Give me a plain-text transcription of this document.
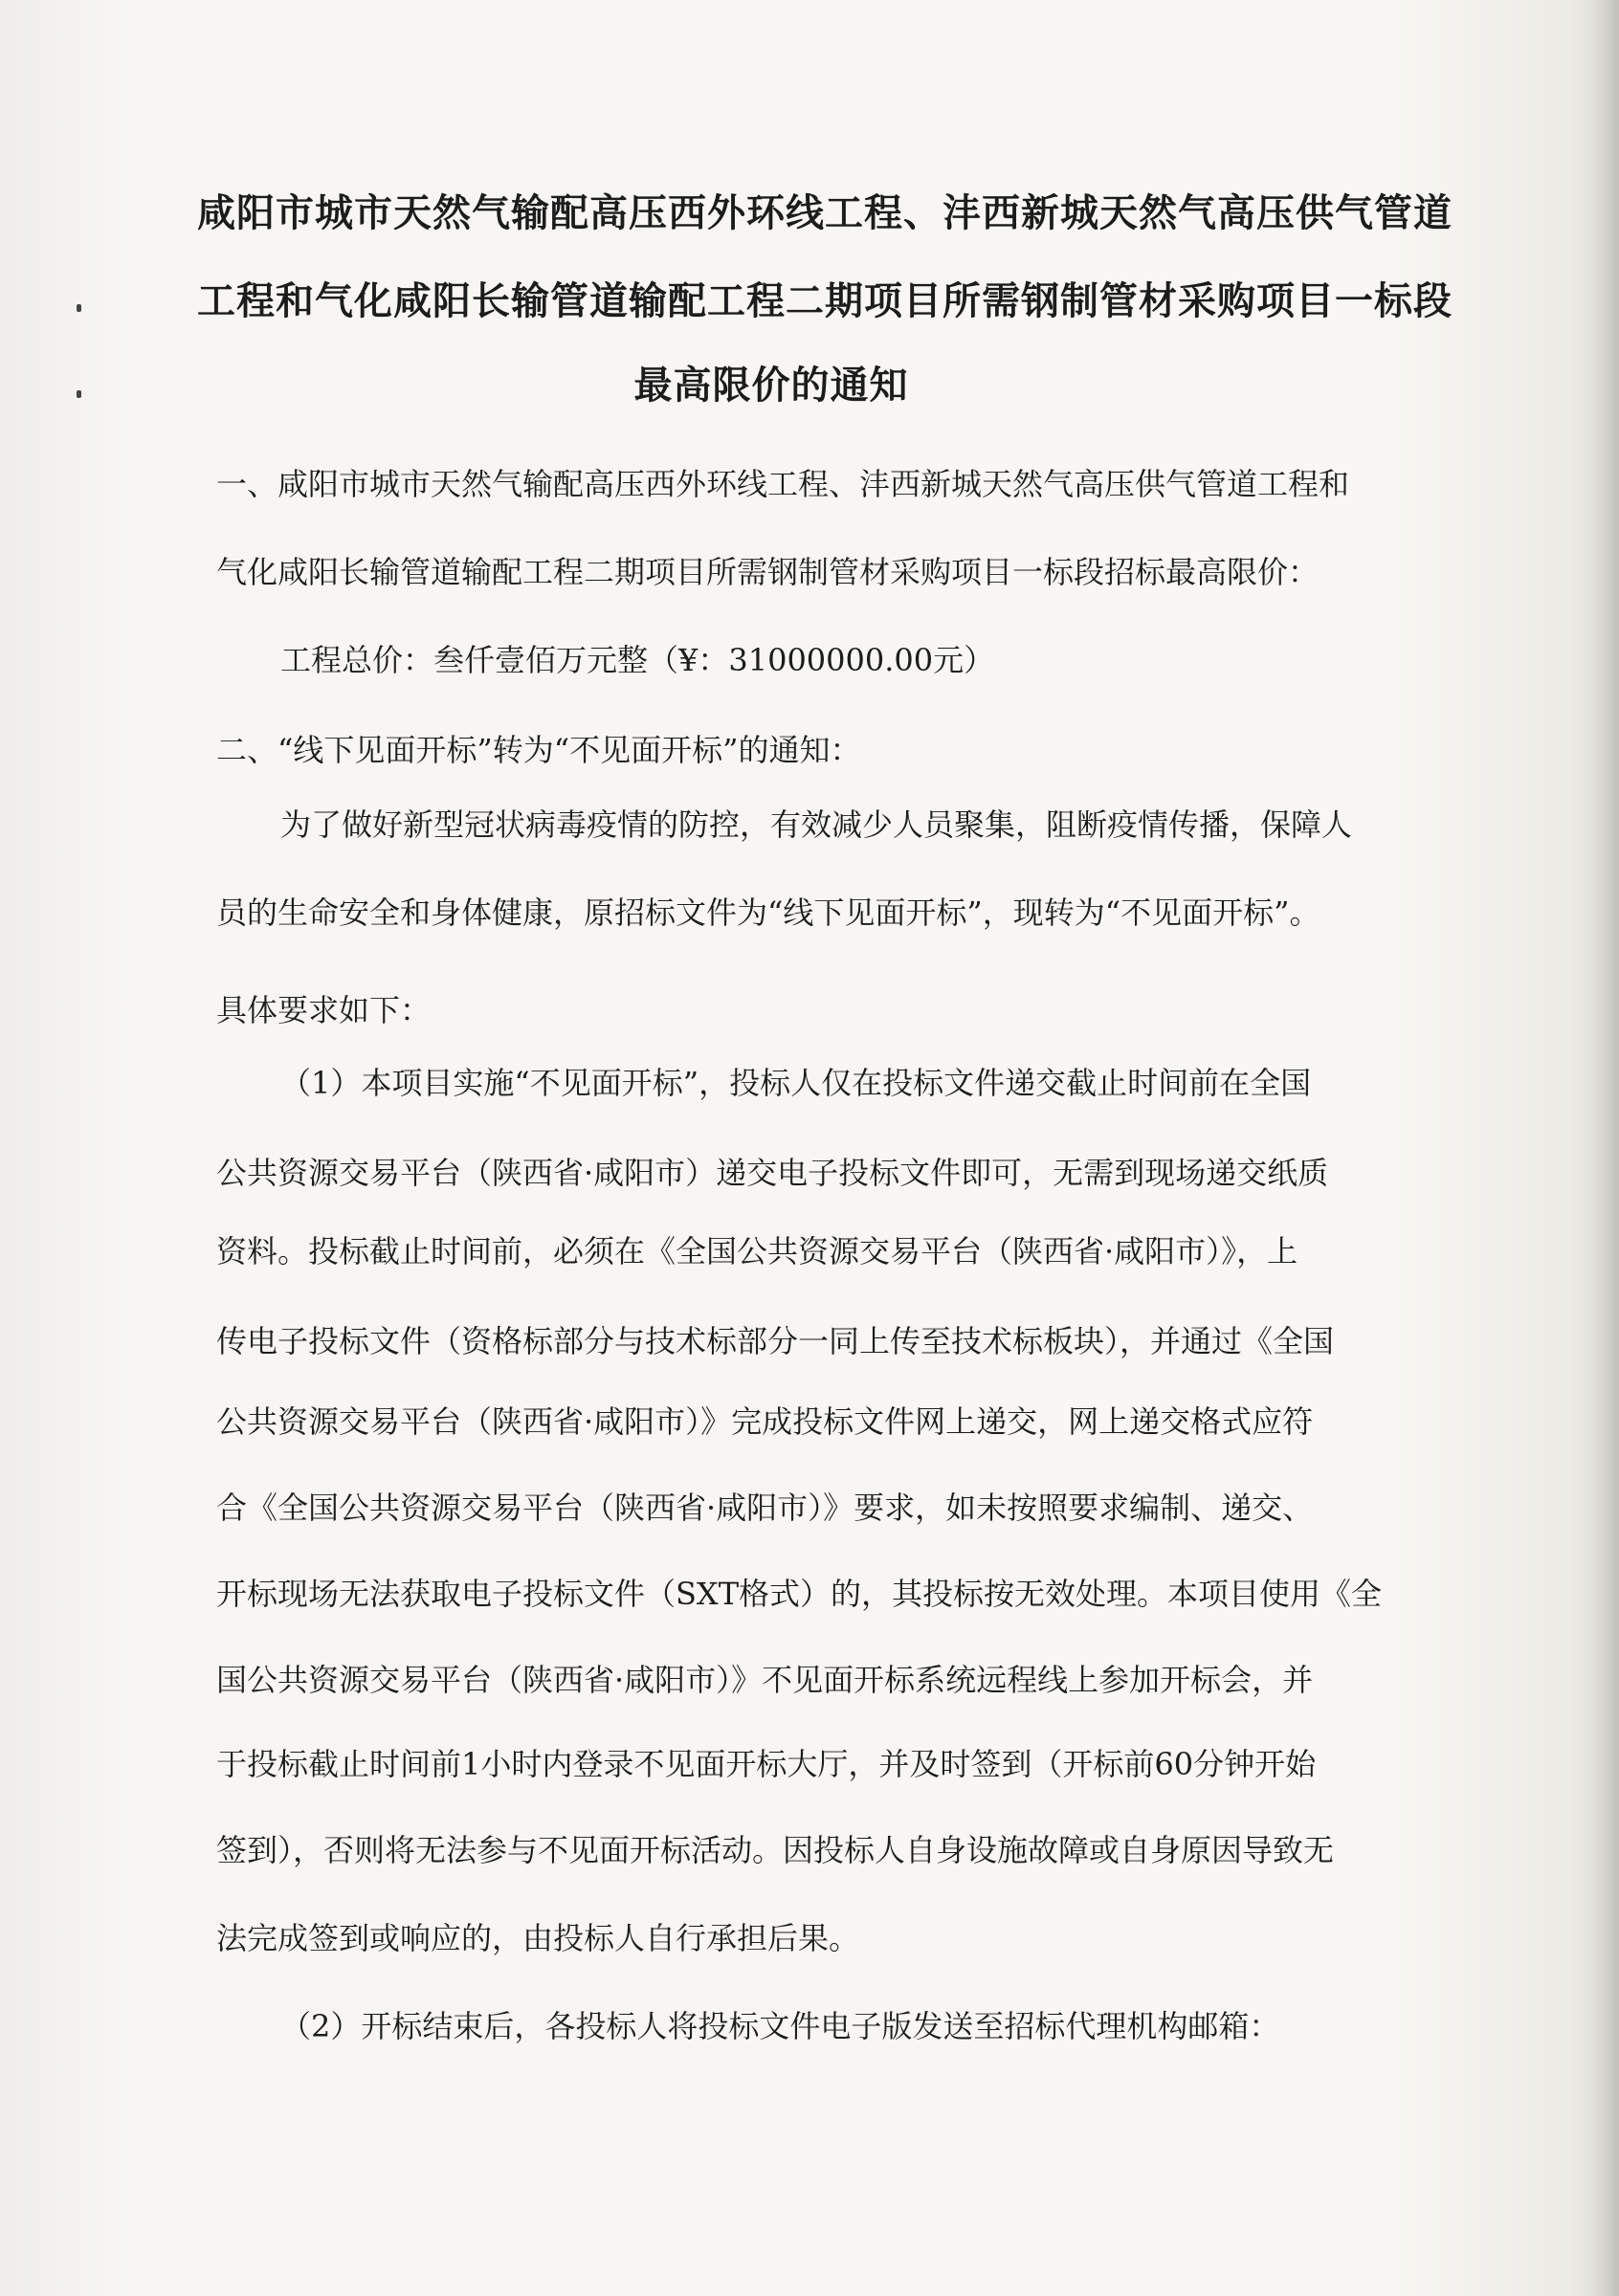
咸阳市城市天然气输配高压西外环线工程、沣西新城天然气高压供气管道
工程和气化咸阳长输管道输配工程二期项目所需钢制管材采购项目一标段
最高限价的通知
一、咸阳市城市天然气输配高压西外环线工程、沣西新城天然气高压供气管道工程和
气化咸阳长输管道输配工程二期项目所需钢制管材采购项目一标段招标最高限价：
工程总价：叁仟壹佰万元整（¥：31000000.00元）
二、“线下见面开标”转为“不见面开标”的通知：
为了做好新型冠状病毒疫情的防控，有效减少人员聚集，阻断疫情传播，保障人
员的生命安全和身体健康，原招标文件为“线下见面开标”，现转为“不见面开标”。
具体要求如下：
（1）本项目实施“不见面开标”，投标人仅在投标文件递交截止时间前在全国
公共资源交易平台（陕西省·咸阳市）递交电子投标文件即可，无需到现场递交纸质
资料。投标截止时间前，必须在《全国公共资源交易平台（陕西省·咸阳市）》，上
传电子投标文件（资格标部分与技术标部分一同上传至技术标板块），并通过《全国
公共资源交易平台（陕西省·咸阳市）》完成投标文件网上递交，网上递交格式应符
合《全国公共资源交易平台（陕西省·咸阳市）》要求，如未按照要求编制、递交、
开标现场无法获取电子投标文件（SXT格式）的，其投标按无效处理。本项目使用《全
国公共资源交易平台（陕西省·咸阳市）》不见面开标系统远程线上参加开标会，并
于投标截止时间前1小时内登录不见面开标大厅，并及时签到（开标前60分钟开始
签到），否则将无法参与不见面开标活动。因投标人自身设施故障或自身原因导致无
法完成签到或响应的，由投标人自行承担后果。
（2）开标结束后，各投标人将投标文件电子版发送至招标代理机构邮箱：
